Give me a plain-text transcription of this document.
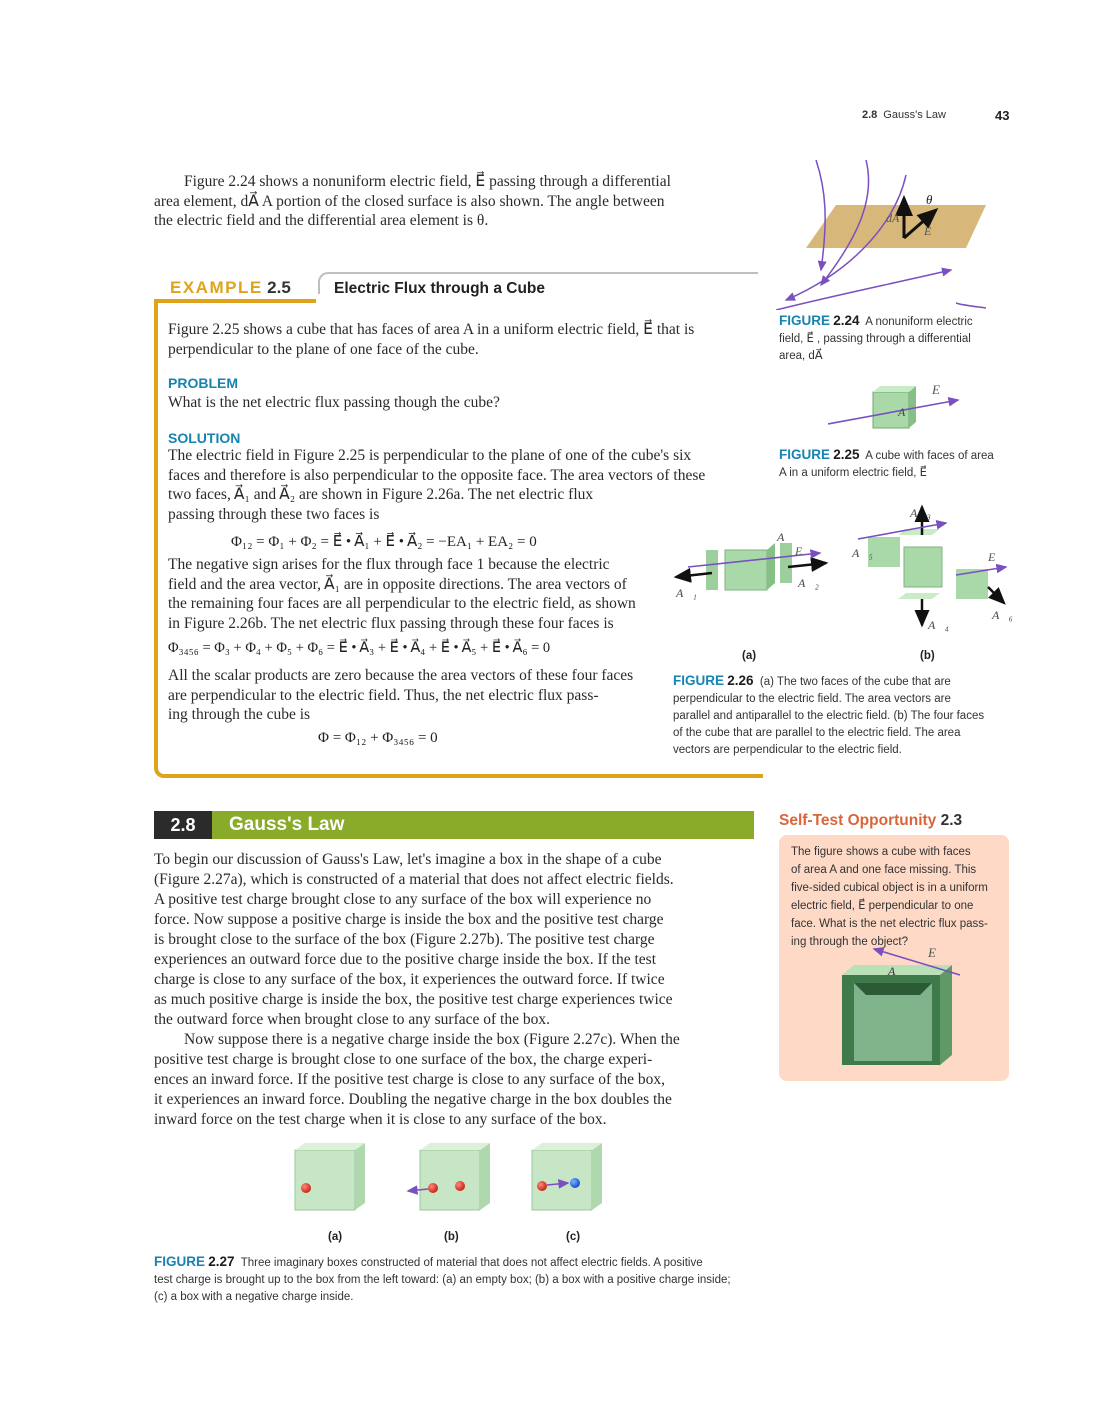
2.8 Gauss's Law	43
Figure 2.24 shows a nonuniform electric field, E⃗ passing through a differential
area element, dA⃗ A portion of the closed surface is also shown. The angle between
the electric field and the differential area element is θ.
θ
dA⃗
E⃗
FIGURE 2.24 A nonuniform electric
field, E⃗ , passing through a differential
area, dA⃗
E⃗
A
FIGURE 2.25 A cube with faces of area
A in a uniform electric field, E⃗
EXAMPLE 2.5	Electric Flux through a Cube
Figure 2.25 shows a cube that has faces of area A in a uniform electric field, E⃗ that is
perpendicular to the plane of one face of the cube.
PROBLEM
What is the net electric flux passing though the cube?
SOLUTION
The electric field in Figure 2.25 is perpendicular to the plane of one of the cube's six
faces and therefore is also perpendicular to the opposite face. The area vectors of these
two faces, A⃗₁ and A⃗₂ are shown in Figure 2.26a. The net electric flux
passing through these two faces is
Φ₁₂ = Φ₁ + Φ₂ = E⃗ • A⃗₁ + E⃗ • A⃗₂ = −EA₁ + EA₂ = 0
The negative sign arises for the flux through face 1 because the electric
field and the area vector, A⃗₁ are in opposite directions. The area vectors of
the remaining four faces are all perpendicular to the electric field, as shown
in Figure 2.26b. The net electric flux passing through these four faces is
Φ₃₄₅₆ = Φ₃ + Φ₄ + Φ₅ + Φ₆ = E⃗ • A⃗₃ + E⃗ • A⃗₄ + E⃗ • A⃗₅ + E⃗ • A⃗₆ = 0
All the scalar products are zero because the area vectors of these four faces
are perpendicular to the electric field. Thus, the net electric flux pass-
ing through the cube is
Φ = Φ₁₂ + Φ₃₄₅₆ = 0
A
E⃗
A⃗₁
A⃗₂
(a)
A⃗₃
A⃗₄
A⃗₅
A⃗₆
E⃗
(b)
FIGURE 2.26 (a) The two faces of the cube that are
perpendicular to the electric field. The area vectors are
parallel and antiparallel to the electric field. (b) The four faces
of the cube that are parallel to the electric field. The area
vectors are perpendicular to the electric field.
2.8	Gauss's Law
To begin our discussion of Gauss's Law, let's imagine a box in the shape of a cube
(Figure 2.27a), which is constructed of a material that does not affect electric fields.
A positive test charge brought close to any surface of the box will experience no
force. Now suppose a positive charge is inside the box and the positive test charge
is brought close to the surface of the box (Figure 2.27b). The positive test charge
experiences an outward force due to the positive charge inside the box. If the test
charge is close to any surface of the box, it experiences the outward force. If twice
as much positive charge is inside the box, the positive test charge experiences twice
the outward force when brought close to any surface of the box.
Now suppose there is a negative charge inside the box (Figure 2.27c). When the
positive test charge is brought close to one surface of the box, the charge experi-
ences an inward force. If the positive test charge is close to any surface of the box,
it experiences an inward force. Doubling the negative charge in the box doubles the
inward force on the test charge when it is close to any surface of the box.
Self-Test Opportunity 2.3
The figure shows a cube with faces
of area A and one face missing. This
five-sided cubical object is in a uniform
electric field, E⃗ perpendicular to one
face. What is the net electric flux pass-
ing through the object?
E⃗
A
(a)	(b)	(c)
FIGURE 2.27 Three imaginary boxes constructed of material that does not affect electric fields. A positive
test charge is brought up to the box from the left toward: (a) an empty box; (b) a box with a positive charge inside;
(c) a box with a negative charge inside.
